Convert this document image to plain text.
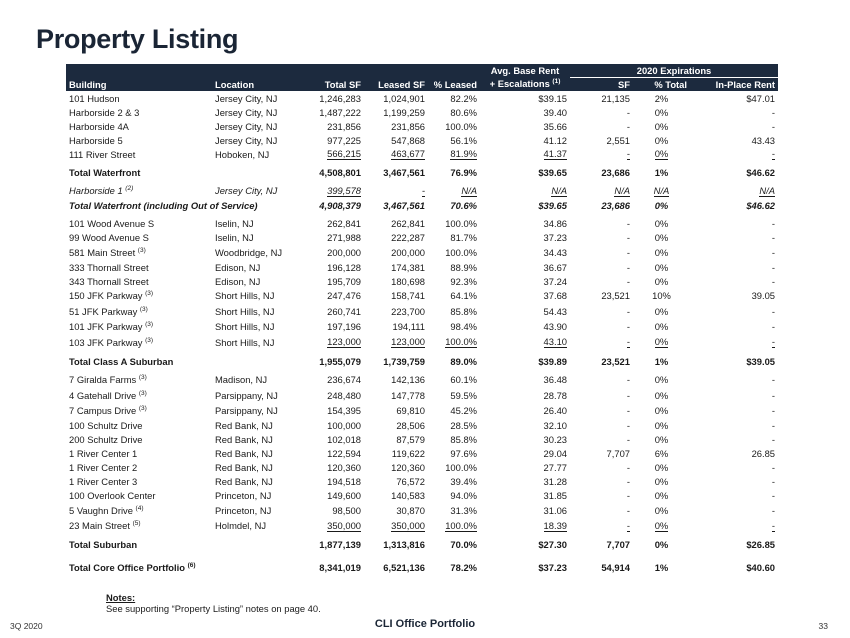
Property Listing
					Avg. Base Rent	2020 Expirations		
Building	Location	Total SF	Leased SF	% Leased	+ Escalations $^{(1)}$	SF	% Total	In-Place Rent
101 Hudson	Jersey City, NJ	1,246,283	1,024,901	82.2%	$39.15	21,135	2%	$47.01
Harborside 2 & 3	Jersey City, NJ	1,487,222	1,199,259	80.6%	39.40	-	0%	-
Harborside 4A	Jersey City, NJ	231,856	231,856	100.0%	35.66	-	0%	-
Harborside 5	Jersey City, NJ	977,225	547,868	56.1%	41.12	2,551	0%	43.43
111 River Street	Hoboken, NJ	566,215	463,677	81.9%	41.37	-	0%	-

Total Waterfront		4,508,801	3,467,561	76.9%	$39.65	23,686	1%	$46.62

Harborside 1 $^{(2)}$	Jersey City, NJ	399,578	-	N/A	N/A	N/A	N/A	N/A
Total Waterfront (including Out of Service)		4,908,379	3,467,561	70.6%	$39.65	23,686	0%	$46.62

101 Wood Avenue S	Iselin, NJ	262,841	262,841	100.0%	34.86	-	0%	-
99 Wood Avenue S	Iselin, NJ	271,988	222,287	81.7%	37.23	-	0%	-
581 Main Street $^{(3)}$	Woodbridge, NJ	200,000	200,000	100.0%	34.43	-	0%	-
333 Thornall Street	Edison, NJ	196,128	174,381	88.9%	36.67	-	0%	-
343 Thornall Street	Edison, NJ	195,709	180,698	92.3%	37.24	-	0%	-
150 JFK Parkway $^{(3)}$	Short Hills, NJ	247,476	158,741	64.1%	37.68	23,521	10%	39.05
51 JFK Parkway $^{(3)}$	Short Hills, NJ	260,741	223,700	85.8%	54.43	-	0%	-
101 JFK Parkway $^{(3)}$	Short Hills, NJ	197,196	194,111	98.4%	43.90	-	0%	-
103 JFK Parkway $^{(3)}$	Short Hills, NJ	123,000	123,000	100.0%	43.10	-	0%	-

Total Class A Suburban		1,955,079	1,739,759	89.0%	$39.89	23,521	1%	$39.05

7 Giralda Farms $^{(3)}$	Madison, NJ	236,674	142,136	60.1%	36.48	-	0%	-
4 Gatehall Drive $^{(3)}$	Parsippany, NJ	248,480	147,778	59.5%	28.78	-	0%	-
7 Campus Drive $^{(3)}$	Parsippany, NJ	154,395	69,810	45.2%	26.40	-	0%	-
100 Schultz Drive	Red Bank, NJ	100,000	28,506	28.5%	32.10	-	0%	-
200 Schultz Drive	Red Bank, NJ	102,018	87,579	85.8%	30.23	-	0%	-
1 River Center 1	Red Bank, NJ	122,594	119,622	97.6%	29.04	7,707	6%	26.85
1 River Center 2	Red Bank, NJ	120,360	120,360	100.0%	27.77	-	0%	-
1 River Center 3	Red Bank, NJ	194,518	76,572	39.4%	31.28	-	0%	-
100 Overlook Center	Princeton, NJ	149,600	140,583	94.0%	31.85	-	0%	-
5 Vaughn Drive $^{(4)}$	Princeton, NJ	98,500	30,870	31.3%	31.06	-	0%	-
23 Main Street $^{(5)}$	Holmdel, NJ	350,000	350,000	100.0%	18.39	-	0%	-

Total Suburban		1,877,139	1,313,816	70.0%	$27.30	7,707	0%	$26.85

Total Core Office Portfolio $^{(6)}$		8,341,019	6,521,136	78.2%	$37.23	54,914	1%	$40.60
Notes:
See supporting “Property Listing” notes on page 40.
3Q 2020	CLI Office Portfolio	33
